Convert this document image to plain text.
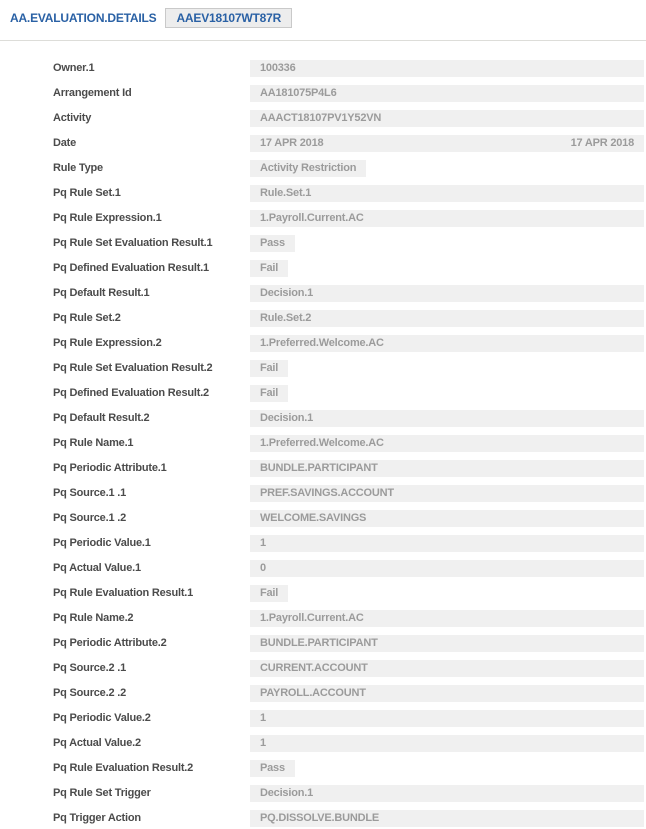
AA.EVALUATION.DETAILS	AAEV18107WT87R
Owner.1	100336
Arrangement Id	AA181075P4L6
Activity	AAACT18107PV1Y52VN
Date	17 APR 2018	17 APR 2018
Rule Type	Activity Restriction
Pq Rule Set.1	Rule.Set.1
Pq Rule Expression.1	1.Payroll.Current.AC
Pq Rule Set Evaluation Result.1	Pass
Pq Defined Evaluation Result.1	Fail
Pq Default Result.1	Decision.1
Pq Rule Set.2	Rule.Set.2
Pq Rule Expression.2	1.Preferred.Welcome.AC
Pq Rule Set Evaluation Result.2	Fail
Pq Defined Evaluation Result.2	Fail
Pq Default Result.2	Decision.1
Pq Rule Name.1	1.Preferred.Welcome.AC
Pq Periodic Attribute.1	BUNDLE.PARTICIPANT
Pq Source.1 .1	PREF.SAVINGS.ACCOUNT
Pq Source.1 .2	WELCOME.SAVINGS
Pq Periodic Value.1	1
Pq Actual Value.1	0
Pq Rule Evaluation Result.1	Fail
Pq Rule Name.2	1.Payroll.Current.AC
Pq Periodic Attribute.2	BUNDLE.PARTICIPANT
Pq Source.2 .1	CURRENT.ACCOUNT
Pq Source.2 .2	PAYROLL.ACCOUNT
Pq Periodic Value.2	1
Pq Actual Value.2	1
Pq Rule Evaluation Result.2	Pass
Pq Rule Set Trigger	Decision.1
Pq Trigger Action	PQ.DISSOLVE.BUNDLE
